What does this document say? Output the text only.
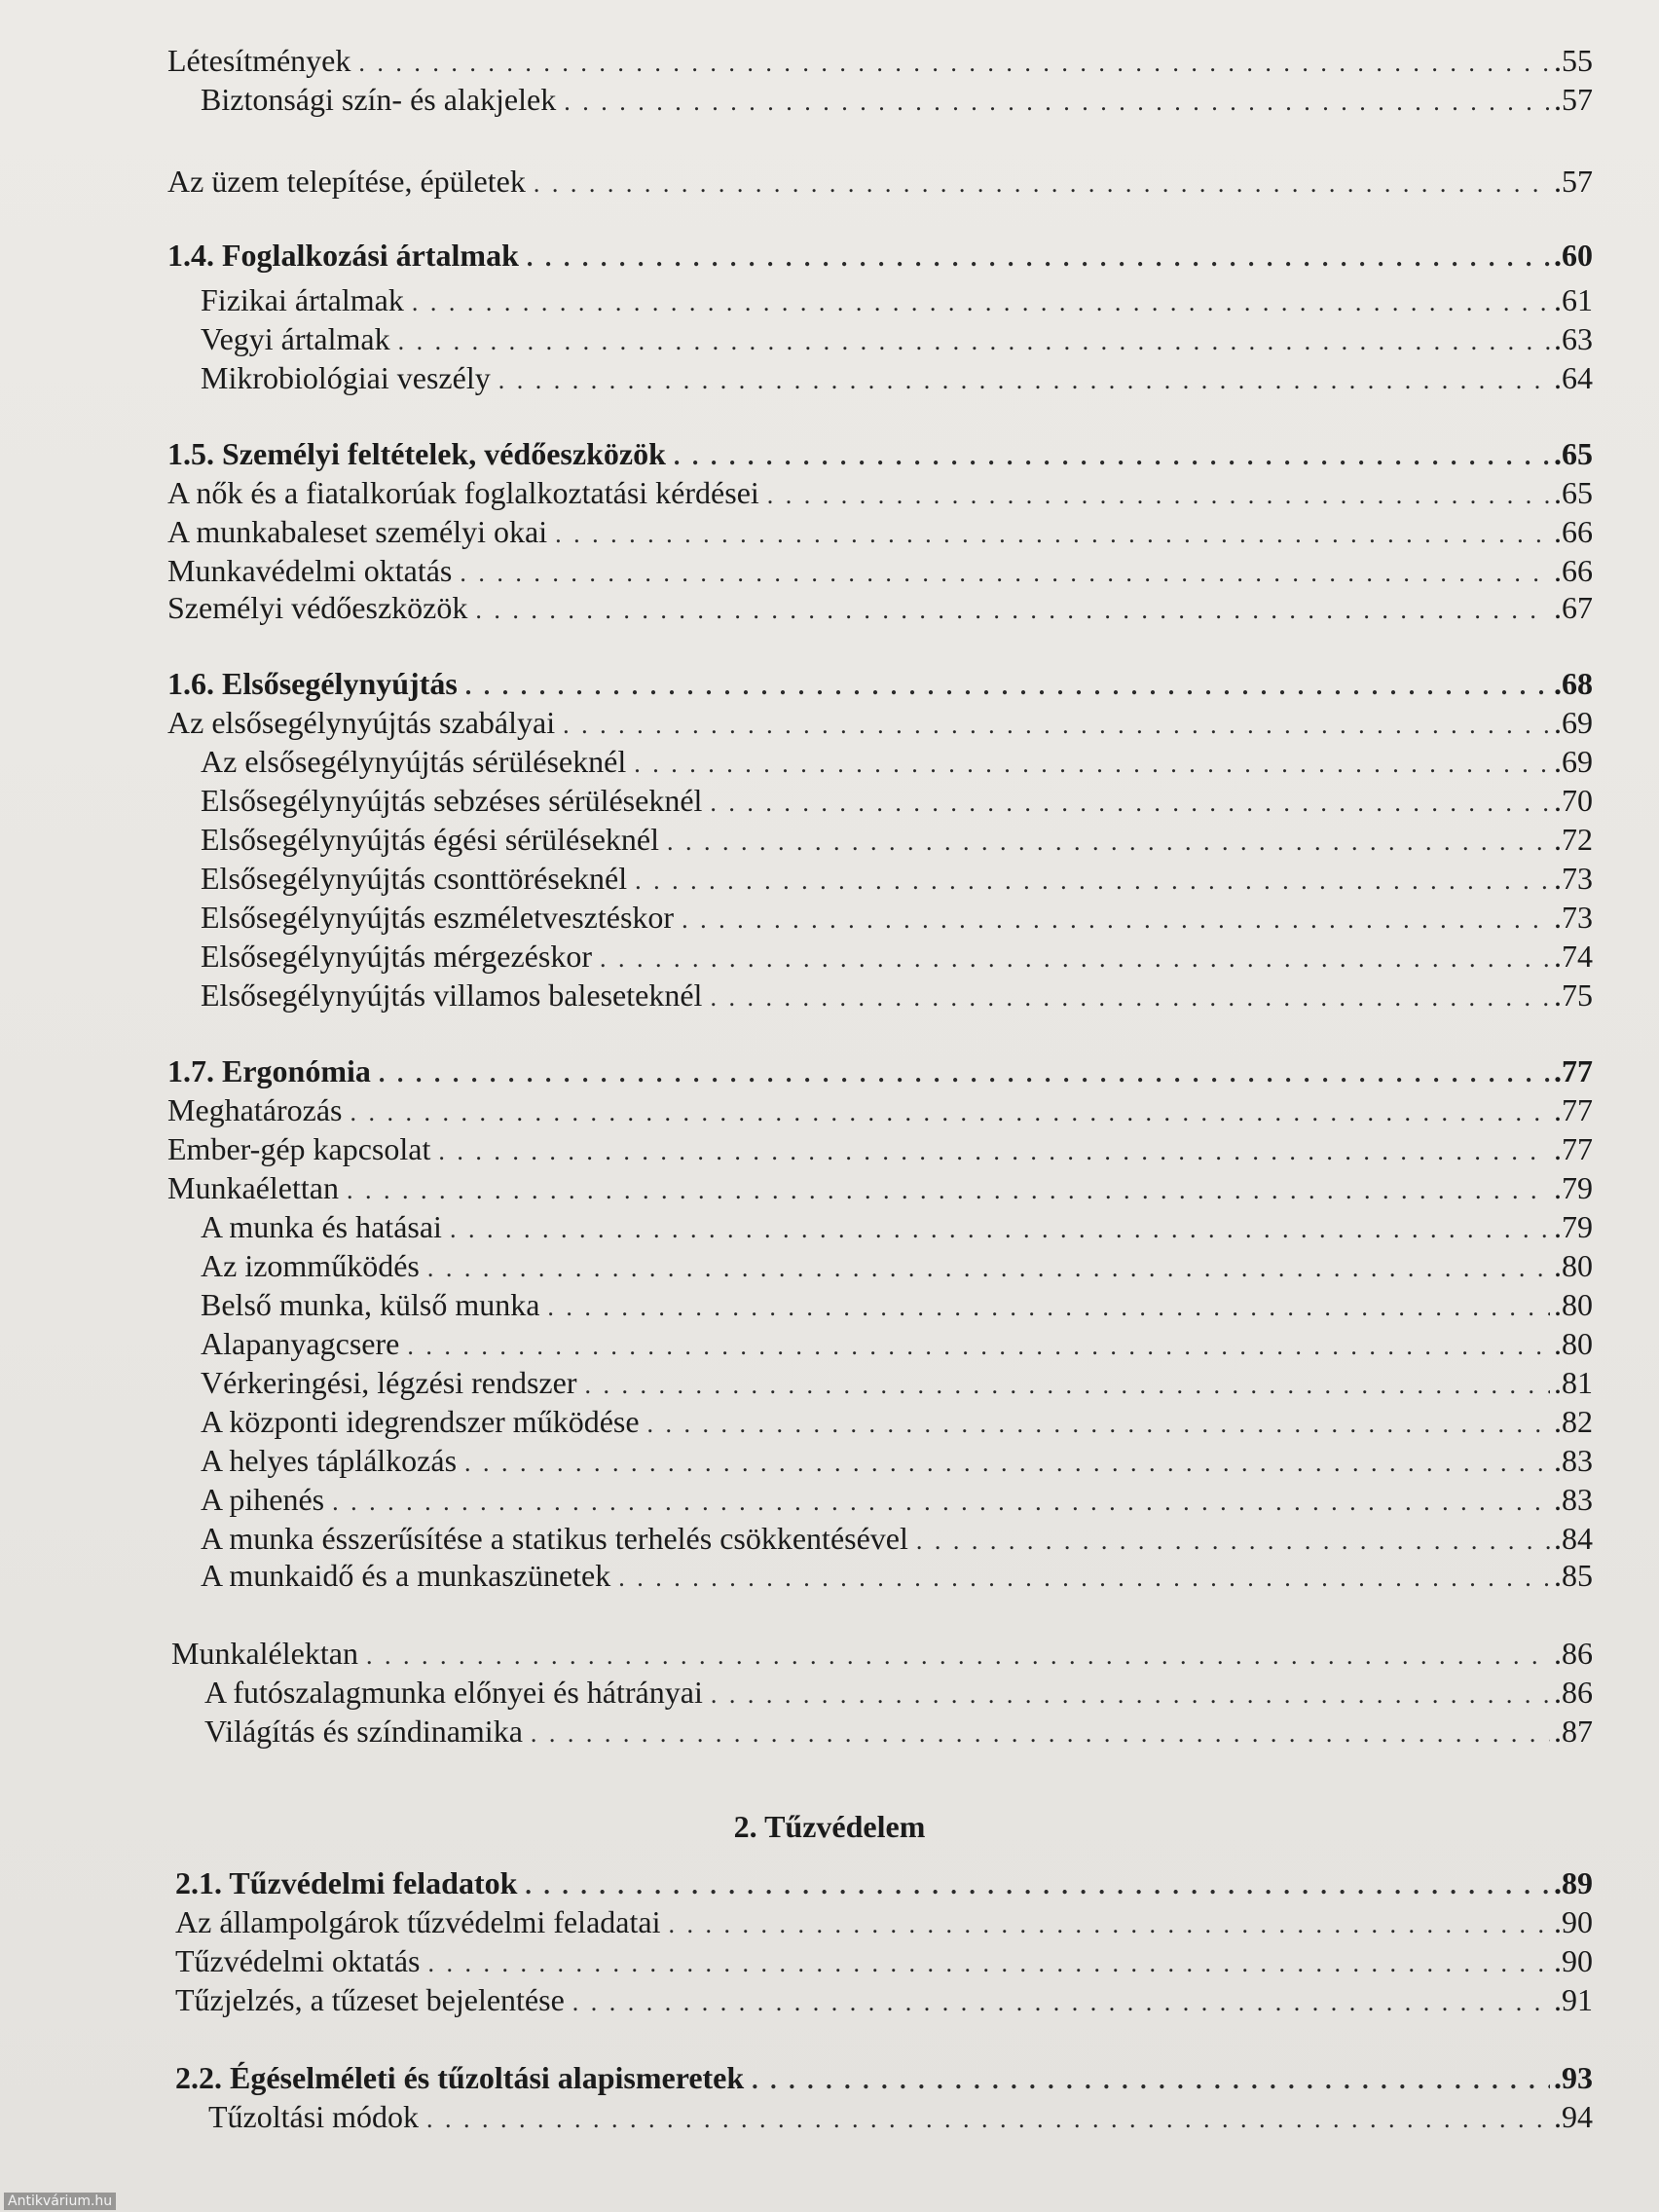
Létesítmények . . .	.55
Biztonsági szín- és alakjelek . . .	.57
Az üzem telepítése, épületek . . .	.57
1.4. Foglalkozási ártalmak . . .	.60
Fizikai ártalmak . . .	.61
Vegyi ártalmak . . .	.63
Mikrobiológiai veszély . . .	.64
1.5. Személyi feltételek, védőeszközök . . .	.65
A nők és a fiatalkorúak foglalkoztatási kérdései . . .	.65
A munkabaleset személyi okai . . .	.66
Munkavédelmi oktatás . . .	.66
Személyi védőeszközök . . .	.67
1.6. Elsősegélynyújtás . . .	.68
Az elsősegélynyújtás szabályai . . .	.69
Az elsősegélynyújtás sérüléseknél . . .	.69
Elsősegélynyújtás sebzéses sérüléseknél . . .	.70
Elsősegélynyújtás égési sérüléseknél . . .	.72
Elsősegélynyújtás csonttöréseknél . . .	.73
Elsősegélynyújtás eszméletvesztéskor . . .	.73
Elsősegélynyújtás mérgezéskor . . .	.74
Elsősegélynyújtás villamos baleseteknél . . .	.75
1.7. Ergonómia . . .	.77
Meghatározás . . .	.77
Ember-gép kapcsolat . . .	.77
Munkaélettan . . .	.79
A munka és hatásai . . .	.79
Az izomműködés . . .	.80
Belső munka, külső munka . . .	.80
Alapanyagcsere . . .	.80
Vérkeringési, légzési rendszer . . .	.81
A központi idegrendszer működése . . .	.82
A helyes táplálkozás . . .	.83
A pihenés . . .	.83
A munka ésszerűsítése a statikus terhelés csökkentésével . . .	.84
A munkaidő és a munkaszünetek . . .	.85
Munkalélektan . . .	.86
A futószalagmunka előnyei és hátrányai . . .	.86
Világítás és színdinamika . . .	.87
2.1. Tűzvédelmi feladatok . . .	.89
Az állampolgárok tűzvédelmi feladatai . . .	.90
Tűzvédelmi oktatás . . .	.90
Tűzjelzés, a tűzeset bejelentése . . .	.91
2.2. Égéselméleti és tűzoltási alapismeretek . . .	.93
Tűzoltási módok . . .	.94
2. Tűzvédelem
Antikvárium.hu
